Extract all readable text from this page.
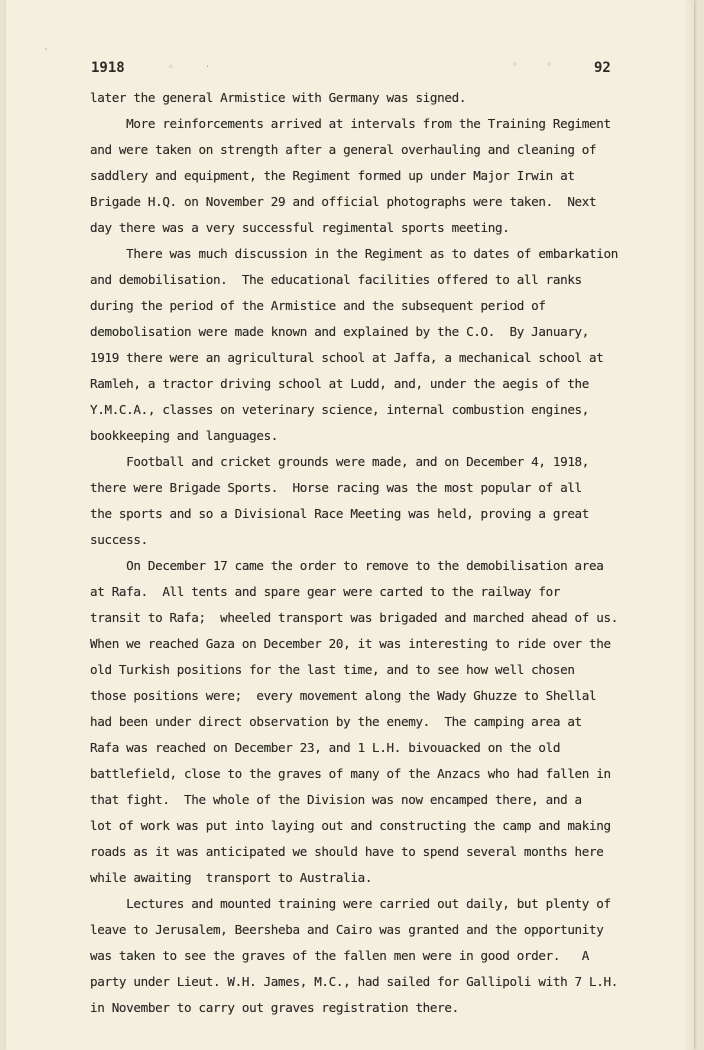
`
◦	·	◦	◦
1918	92
later the general Armistice with Germany was signed.
More reinforcements arrived at intervals from the Training Regiment
and were taken on strength after a general overhauling and cleaning of
saddlery and equipment, the Regiment formed up under Major Irwin at
Brigade H.Q. on November 29 and official photographs were taken.  Next
day there was a very successful regimental sports meeting.
There was much discussion in the Regiment as to dates of embarkation
and demobilisation.  The educational facilities offered to all ranks
during the period of the Armistice and the subsequent period of
demobolisation were made known and explained by the C.O.  By January,
1919 there were an agricultural school at Jaffa, a mechanical school at
Ramleh, a tractor driving school at Ludd, and, under the aegis of the
Y.M.C.A., classes on veterinary science, internal combustion engines,
bookkeeping and languages.
Football and cricket grounds were made, and on December 4, 1918,
there were Brigade Sports.  Horse racing was the most popular of all
the sports and so a Divisional Race Meeting was held, proving a great
success.
On December 17 came the order to remove to the demobilisation area
at Rafa.  All tents and spare gear were carted to the railway for
transit to Rafa;  wheeled transport was brigaded and marched ahead of us.
When we reached Gaza on December 20, it was interesting to ride over the
old Turkish positions for the last time, and to see how well chosen
those positions were;  every movement along the Wady Ghuzze to Shellal
had been under direct observation by the enemy.  The camping area at
Rafa was reached on December 23, and 1 L.H. bivouacked on the old
battlefield, close to the graves of many of the Anzacs who had fallen in
that fight.  The whole of the Division was now encamped there, and a
lot of work was put into laying out and constructing the camp and making
roads as it was anticipated we should have to spend several months here
while awaiting  transport to Australia.
Lectures and mounted training were carried out daily, but plenty of
leave to Jerusalem, Beersheba and Cairo was granted and the opportunity
was taken to see the graves of the fallen men were in good order.   A
party under Lieut. W.H. James, M.C., had sailed for Gallipoli with 7 L.H.
in November to carry out graves registration there.
